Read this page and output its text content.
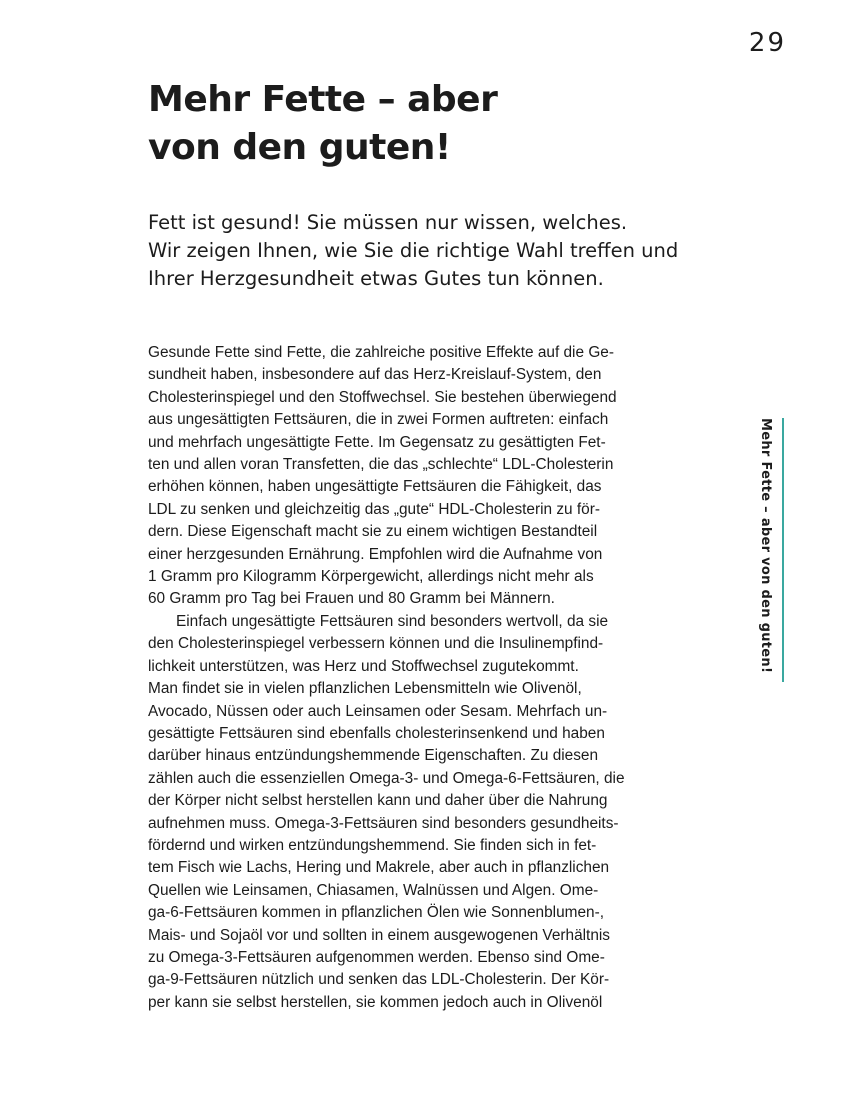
29
Mehr Fette – aber
von den guten!
Fett ist gesund! Sie müssen nur wissen, welches.
Wir zeigen Ihnen, wie Sie die richtige Wahl treffen und
Ihrer Herzgesundheit etwas Gutes tun können.
Gesunde Fette sind Fette, die zahlreiche positive Effekte auf die Ge-
sundheit haben, insbesondere auf das Herz-Kreislauf-System, den
Cholesterinspiegel und den Stoffwechsel. Sie bestehen überwiegend
aus ungesättigten Fettsäuren, die in zwei Formen auftreten: einfach
und mehrfach ungesättigte Fette. Im Gegensatz zu gesättigten Fet-
ten und allen voran Transfetten, die das „schlechte“ LDL-Cholesterin
erhöhen können, haben ungesättigte Fettsäuren die Fähigkeit, das
LDL zu senken und gleichzeitig das „gute“ HDL-Cholesterin zu för-
dern. Diese Eigenschaft macht sie zu einem wichtigen Bestandteil
einer herzgesunden Ernährung. Empfohlen wird die Aufnahme von
1 Gramm pro Kilogramm Körpergewicht, allerdings nicht mehr als
60 Gramm pro Tag bei Frauen und 80 Gramm bei Männern.
Einfach ungesättigte Fettsäuren sind besonders wertvoll, da sie
den Cholesterinspiegel verbessern können und die Insulinempfind-
lichkeit unterstützen, was Herz und Stoffwechsel zugutekommt.
Man findet sie in vielen pflanzlichen Lebensmitteln wie Olivenöl,
Avocado, Nüssen oder auch Leinsamen oder Sesam. Mehrfach un-
gesättigte Fettsäuren sind ebenfalls cholesterinsenkend und haben
darüber hinaus entzündungshemmende Eigenschaften. Zu diesen
zählen auch die essenziellen Omega-3- und Omega-6-Fettsäuren, die
der Körper nicht selbst herstellen kann und daher über die Nahrung
aufnehmen muss. Omega-3-Fettsäuren sind besonders gesundheits-
fördernd und wirken entzündungshemmend. Sie finden sich in fet-
tem Fisch wie Lachs, Hering und Makrele, aber auch in pflanzlichen
Quellen wie Leinsamen, Chiasamen, Walnüssen und Algen. Ome-
ga-6-Fettsäuren kommen in pflanzlichen Ölen wie Sonnenblumen-,
Mais- und Sojaöl vor und sollten in einem ausgewogenen Verhältnis
zu Omega-3-Fettsäuren aufgenommen werden. Ebenso sind Ome-
ga-9-Fettsäuren nützlich und senken das LDL-Cholesterin. Der Kör-
per kann sie selbst herstellen, sie kommen jedoch auch in Olivenöl
Mehr Fette – aber von den guten!
